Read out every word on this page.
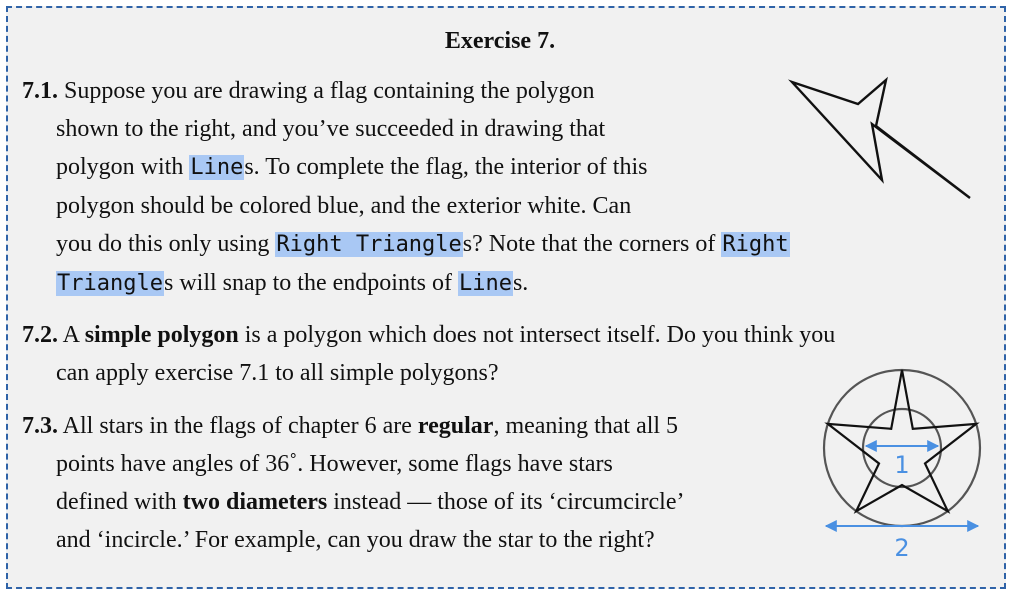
Exercise 7.
7.1. Suppose you are drawing a flag containing the polygon
shown to the right, and you’ve succeeded in drawing that
polygon with Lines. To complete the flag, the interior of this
polygon should be colored blue, and the exterior white. Can
you do this only using Right Triangles? Note that the corners of Right
Triangles will snap to the endpoints of Lines.
7.2. A simple polygon is a polygon which does not intersect itself. Do you think you
can apply exercise 7.1 to all simple polygons?
7.3. All stars in the flags of chapter 6 are regular, meaning that all 5
points have angles of 36˚. However, some flags have stars
defined with two diameters instead — those of its ‘circumcircle’
and ‘incircle.’ For example, can you draw the star to the right?
1
2
